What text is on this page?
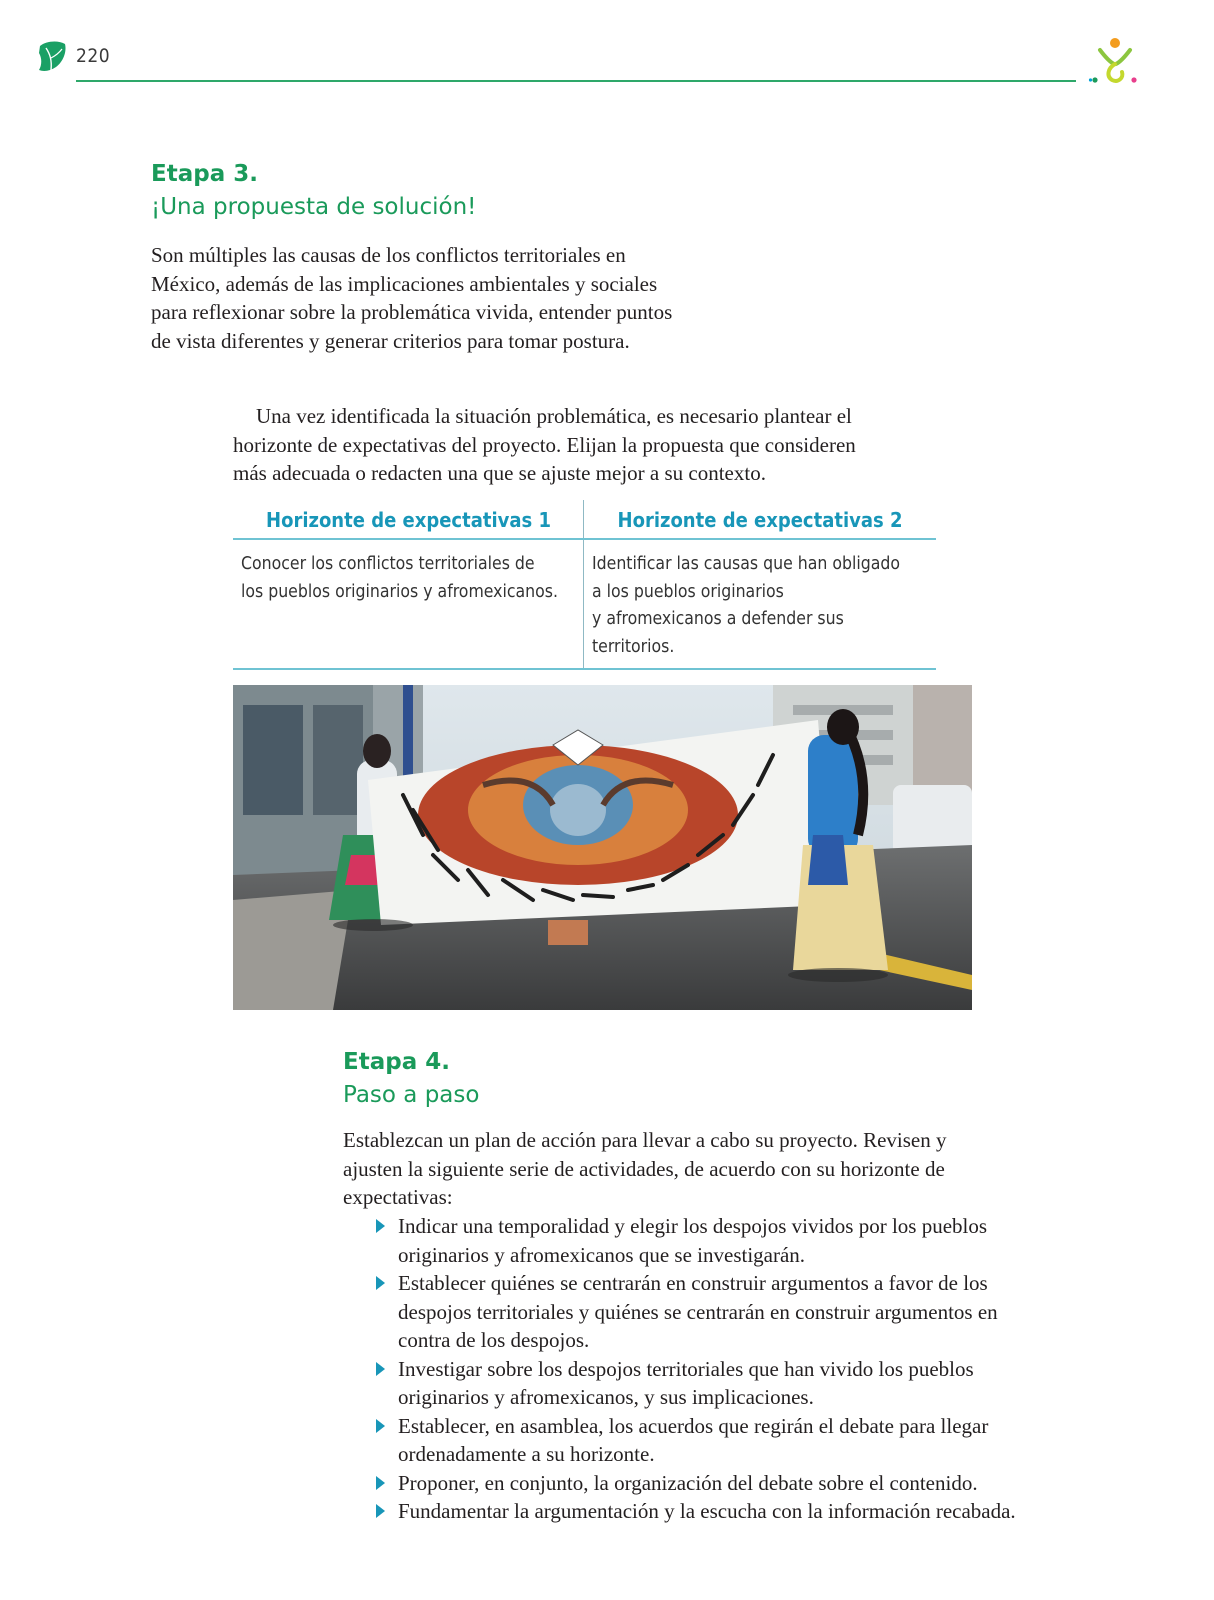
220
Etapa 3.
¡Una propuesta de solución!

Son múltiples las causas de los conflictos territoriales en
México, además de las implicaciones ambientales y sociales
para reflexionar sobre la problemática vivida, entender puntos
de vista diferentes y generar criterios para tomar postura.

Una vez identificada la situación problemática, es necesario plantear el
horizonte de expectativas del proyecto. Elijan la propuesta que consideren
más adecuada o redacten una que se ajuste mejor a su contexto.

Horizonte de expectativas 1
Conocer los conflictos territoriales de
los pueblos originarios y afromexicanos.
Horizonte de expectativas 2
Identificar las causas que han obligado
a los pueblos originarios
y afromexicanos a defender sus
territorios.
Etapa 4.
Paso a paso

Establezcan un plan de acción para llevar a cabo su proyecto. Revisen y
ajusten la siguiente serie de actividades, de acuerdo con su horizonte de
expectativas:

Indicar una temporalidad y elegir los despojos vividos por los pueblos
originarios y afromexicanos que se investigarán.
Establecer quiénes se centrarán en construir argumentos a favor de los
despojos territoriales y quiénes se centrarán en construir argumentos en
contra de los despojos.
Investigar sobre los despojos territoriales que han vivido los pueblos
originarios y afromexicanos, y sus implicaciones.
Establecer, en asamblea, los acuerdos que regirán el debate para llegar
ordenadamente a su horizonte.
Proponer, en conjunto, la organización del debate sobre el contenido.
Fundamentar la argumentación y la escucha con la información recabada.
